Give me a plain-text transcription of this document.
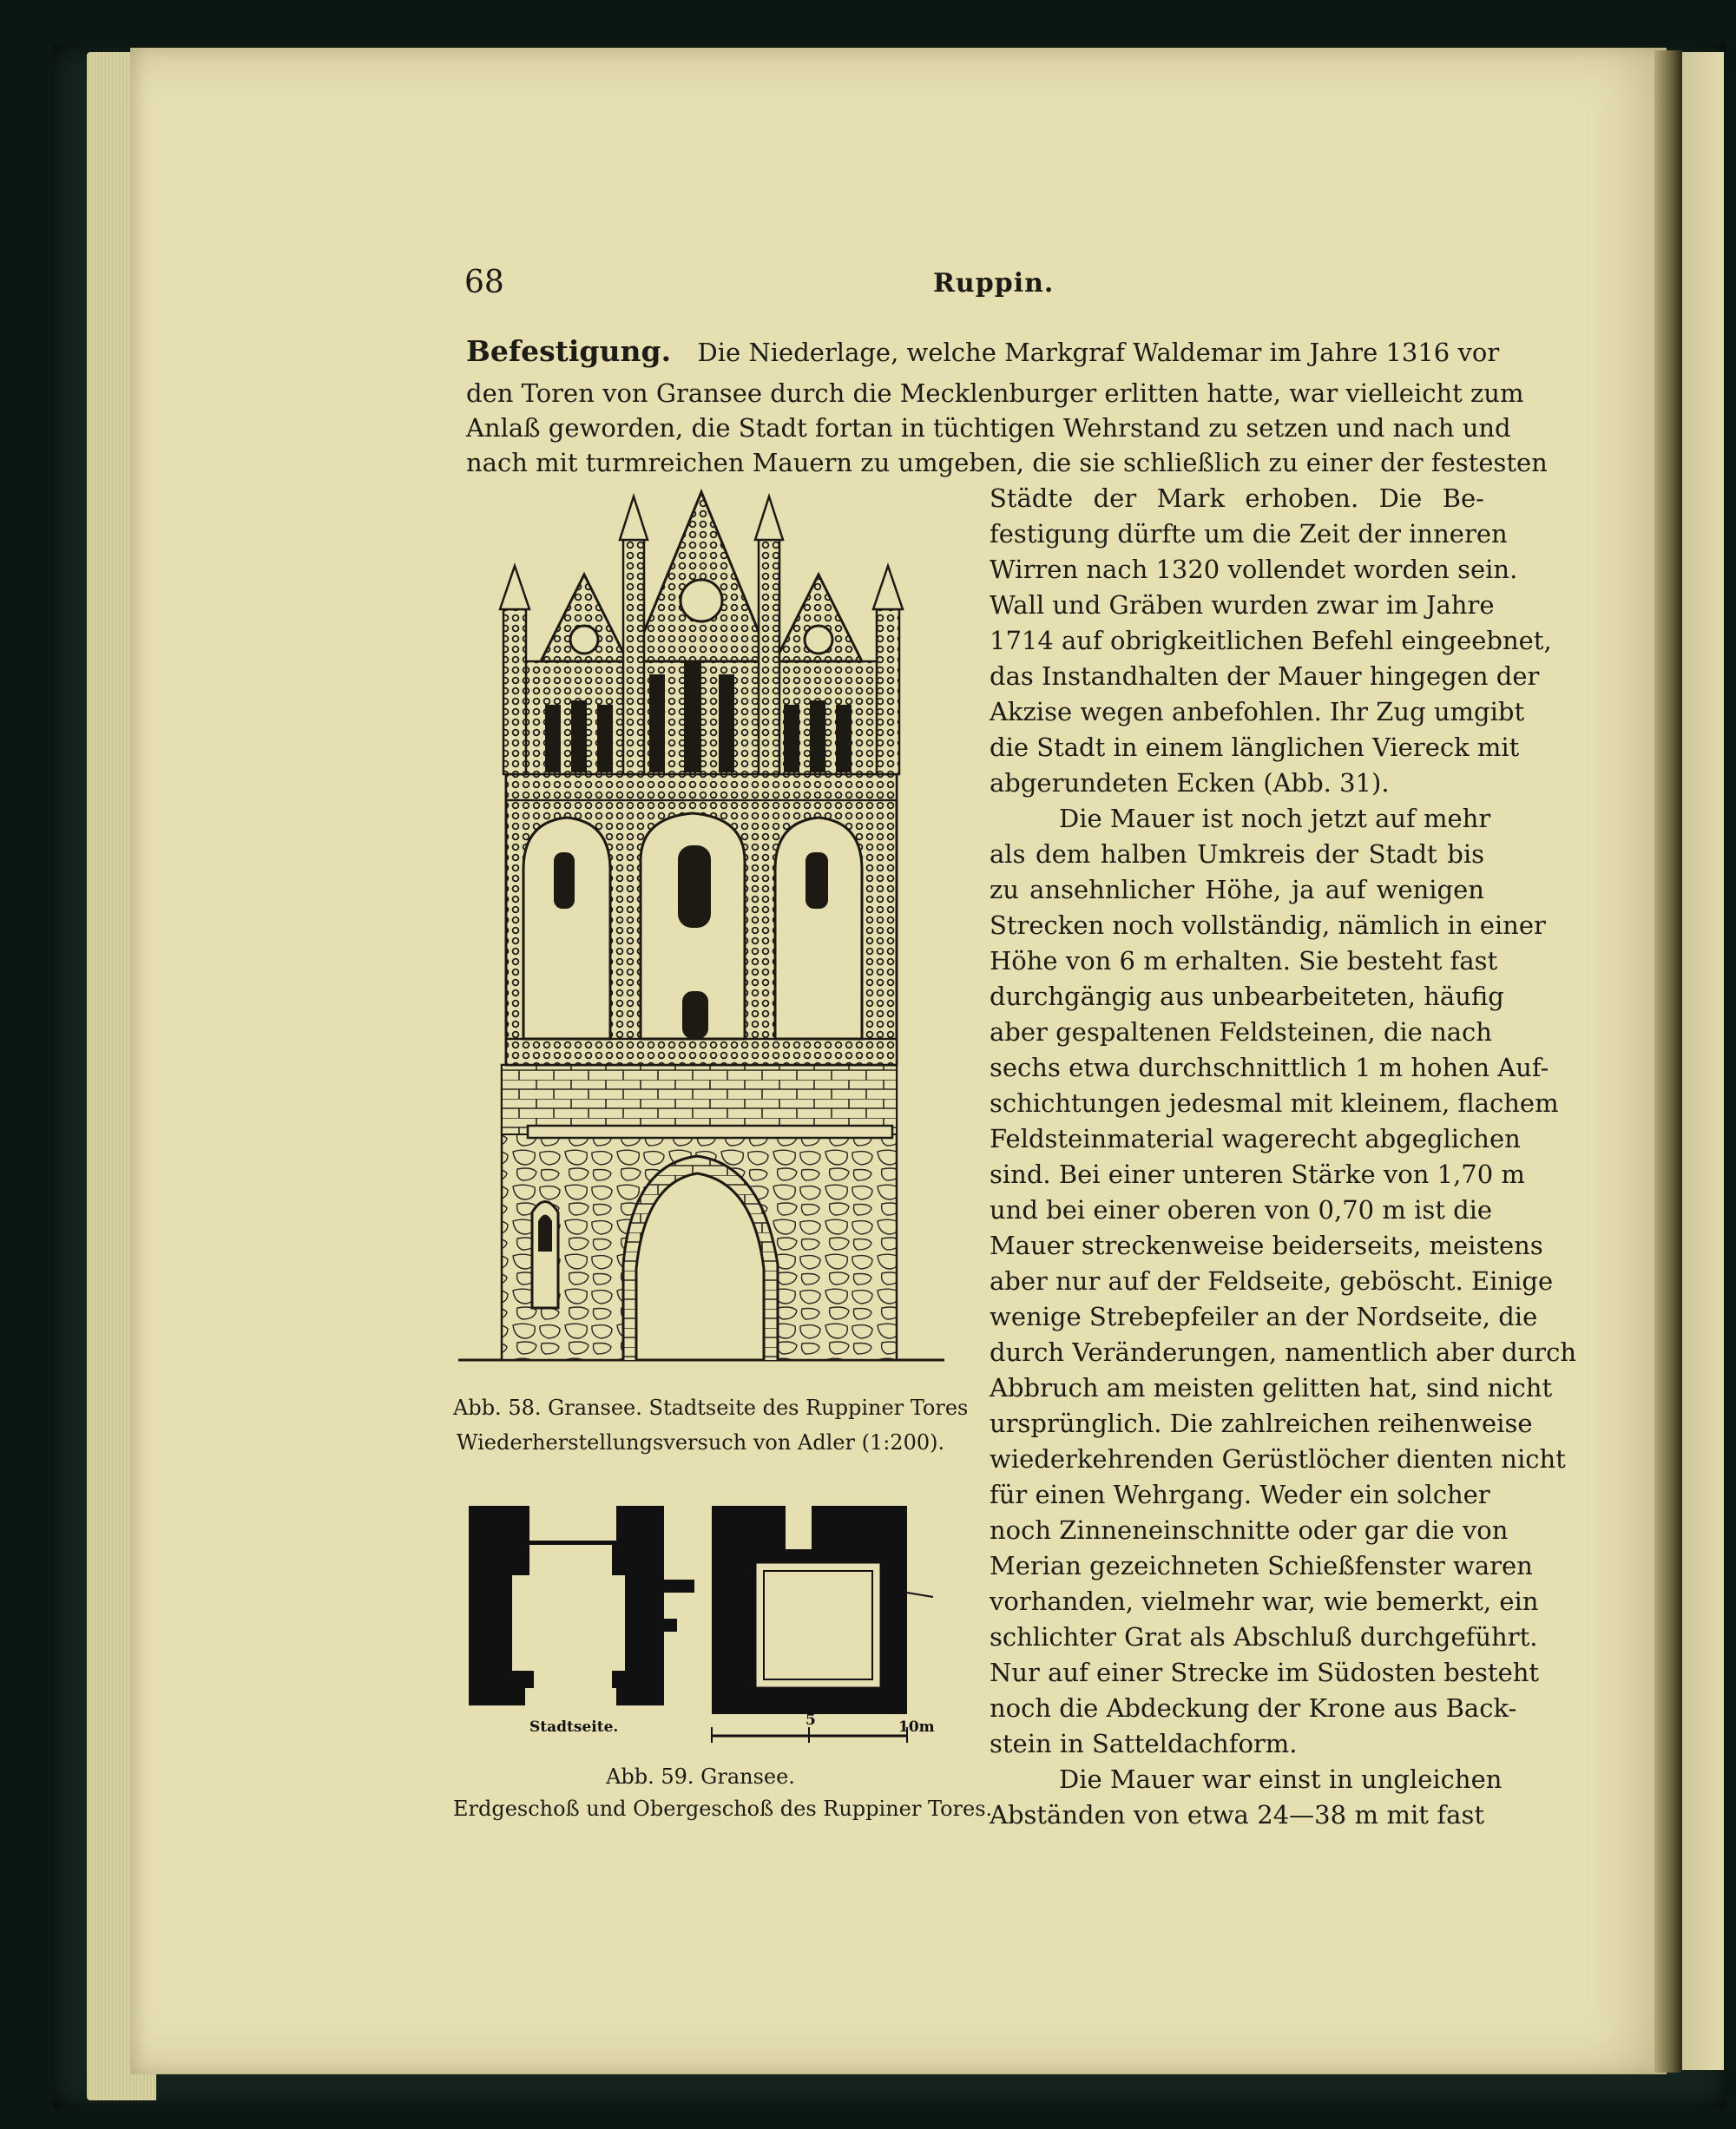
68	Ruppin.
Befestigung. Die Niederlage, welche Markgraf Waldemar im Jahre 1316 vor
den Toren von Gransee durch die Mecklenburger erlitten hatte, war vielleicht zum
Anlaß geworden, die Stadt fortan in tüchtigen Wehrstand zu setzen und nach und
nach mit turmreichen Mauern zu umgeben, die sie schließlich zu einer der festesten
Städte der Mark erhoben. Die Be-
festigung dürfte um die Zeit der inneren
Wirren nach 1320 vollendet worden sein.
Wall und Gräben wurden zwar im Jahre
1714 auf obrigkeitlichen Befehl eingeebnet,
das Instandhalten der Mauer hingegen der
Akzise wegen anbefohlen. Ihr Zug umgibt
die Stadt in einem länglichen Viereck mit
abgerundeten Ecken (Abb. 31).
Die Mauer ist noch jetzt auf mehr
als dem halben Umkreis der Stadt bis
zu ansehnlicher Höhe, ja auf wenigen
Strecken noch vollständig, nämlich in einer
Höhe von 6 m erhalten. Sie besteht fast
durchgängig aus unbearbeiteten, häufig
aber gespaltenen Feldsteinen, die nach
sechs etwa durchschnittlich 1 m hohen Auf-
schichtungen jedesmal mit kleinem, flachem
Feldsteinmaterial wagerecht abgeglichen
sind. Bei einer unteren Stärke von 1,70 m
und bei einer oberen von 0,70 m ist die
Mauer streckenweise beiderseits, meistens
aber nur auf der Feldseite, geböscht. Einige
wenige Strebepfeiler an der Nordseite, die
durch Veränderungen, namentlich aber durch
Abbruch am meisten gelitten hat, sind nicht
ursprünglich. Die zahlreichen reihenweise
wiederkehrenden Gerüstlöcher dienten nicht
für einen Wehrgang. Weder ein solcher
noch Zinneneinschnitte oder gar die von
Merian gezeichneten Schießfenster waren
vorhanden, vielmehr war, wie bemerkt, ein
schlichter Grat als Abschluß durchgeführt.
Nur auf einer Strecke im Südosten besteht
noch die Abdeckung der Krone aus Back-
stein in Satteldachform.
Die Mauer war einst in ungleichen
Abständen von etwa 24—38 m mit fast
Abb. 58. Gransee. Stadtseite des Ruppiner Tores
Wiederherstellungsversuch von Adler (1:200).
Stadtseite.	5	10m
Abb. 59. Gransee.
Erdgeschoß und Obergeschoß des Ruppiner Tores.
